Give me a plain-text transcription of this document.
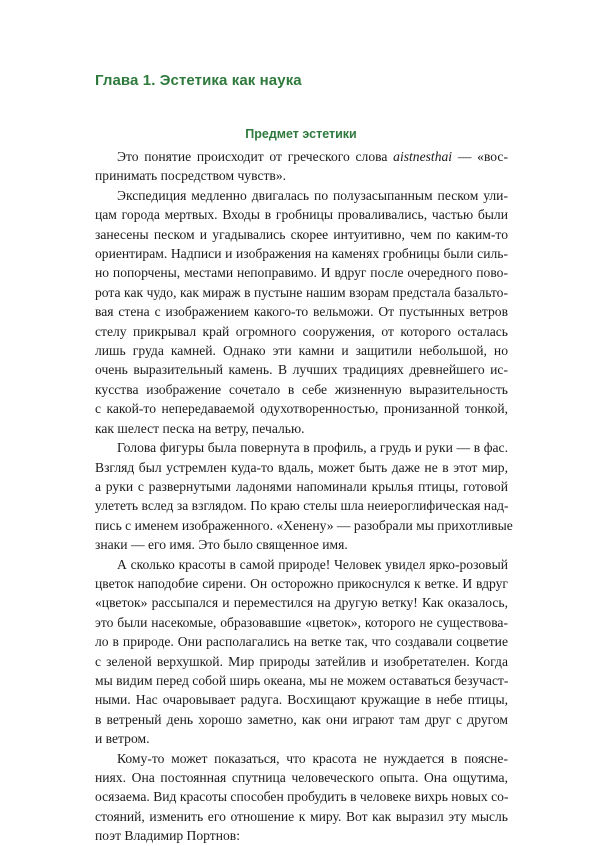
Глава 1. Эстетика как наука
Предмет эстетики
Это понятие происходит от греческого слова aistnesthai — «вос-
принимать посредством чувств».
Экспедиция медленно двигалась по полузасыпанным песком ули-
цам города мертвых. Входы в гробницы проваливались, частью были
занесены песком и угадывались скорее интуитивно, чем по каким-то
ориентирам. Надписи и изображения на каменях гробницы были силь-
но попорчены, местами непоправимо. И вдруг после очередного пово-
рота как чудо, как мираж в пустыне нашим взорам предстала базальто-
вая стена с изображением какого-то вельможи. От пустынных ветров
стелу прикрывал край огромного сооружения, от которого осталась
лишь груда камней. Однако эти камни и защитили небольшой, но
очень выразительный камень. В лучших традициях древнейшего ис-
кусства изображение сочетало в себе жизненную выразительность
с какой-то непередаваемой одухотворенностью, пронизанной тонкой,
как шелест песка на ветру, печалью.
Голова фигуры была повернута в профиль, а грудь и руки — в фас.
Взгляд был устремлен куда-то вдаль, может быть даже не в этот мир,
а руки с развернутыми ладонями напоминали крылья птицы, готовой
улететь вслед за взглядом. По краю стелы шла неиероглифическая над-
пись с именем изображенного. «Хенену» — разобрали мы прихотливые
знаки — его имя. Это было священное имя.
А сколько красоты в самой природе! Человек увидел ярко-розовый
цветок наподобие сирени. Он осторожно прикоснулся к ветке. И вдруг
«цветок» рассыпался и переместился на другую ветку! Как оказалось,
это были насекомые, образовавшие «цветок», которого не существова-
ло в природе. Они располагались на ветке так, что создавали соцветие
с зеленой верхушкой. Мир природы затейлив и изобретателен. Когда
мы видим перед собой ширь океана, мы не можем оставаться безучаст-
ными. Нас очаровывает радуга. Восхищают кружащие в небе птицы,
в ветреный день хорошо заметно, как они играют там друг с другом
и ветром.
Кому-то может показаться, что красота не нуждается в поясне-
ниях. Она постоянная спутница человеческого опыта. Она ощутима,
осязаема. Вид красоты способен пробудить в человеке вихрь новых со-
стояний, изменить его отношение к миру. Вот как выразил эту мысль
поэт Владимир Портнов:
